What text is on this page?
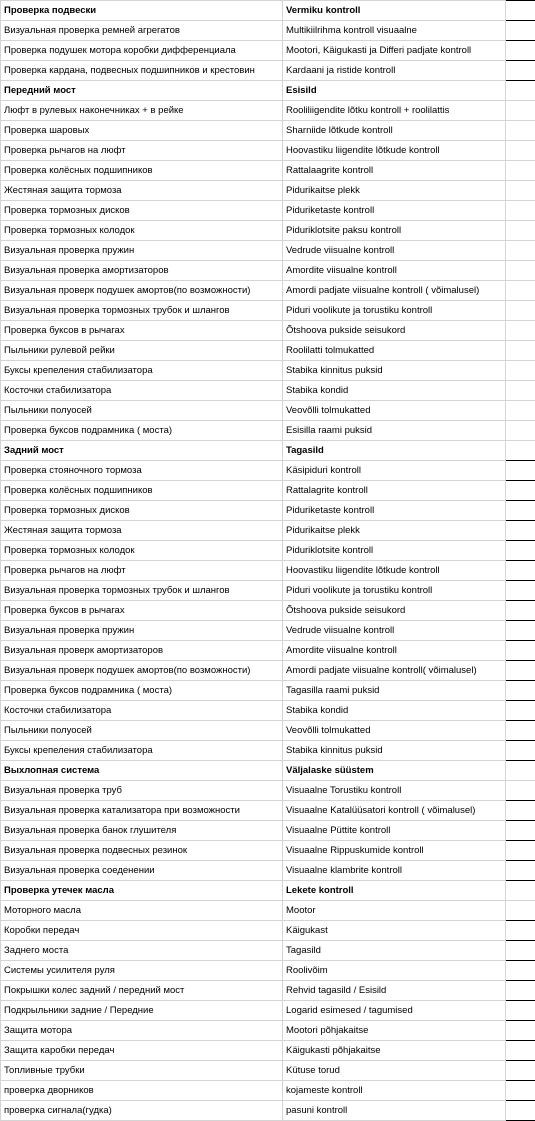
Проверка подвески	Vermiku kontroll	
Визуальная проверка ремней агрегатов	Multikiilrihma kontroll visuaalne	
Проверка подушек мотора коробки дифференциала	Mootori, Käigukasti ja Differi padjate kontroll	
Проверка кардана, подвесных подшипников и крестовин	Kardaani ja ristide kontroll	
Передний мост	Esisild	
Люфт в рулевых наконечниках + в рейке	Rooliliigendite lõtku kontroll + roolilattis	
Проверка шаровых	Sharniide lõtkude kontroll	
Проверка рычагов на люфт	Hoovastiku liigendite lõtkude kontroll	
Проверка колёсных подшипников	Rattalaagrite kontroll	
Жестяная защита тормоза	Pidurikaitse plekk	
Проверка тормозных дисков	Piduriketaste kontroll	
Проверка тормозных колодок	Piduriklotsite paksu kontroll	
Визуальная проверка пружин	Vedrude viisualne kontroll	
Визуальная проверка амортизаторов	Amordite viisualne kontroll	
Визуальная проверк подушек амортов(по возможности)	Amordi padjate viisualne kontroll ( võimalusel)	
Визуальная проверка тормозных трубок и шлангов	Piduri voolikute ja torustiku kontroll	
Проверка буксов в рычагах	Õtshoova pukside seisukord	
Пыльники рулевой рейки	Roolilatti tolmukatted	
Буксы крепеления стабилизатора	Stabika kinnitus puksid	
Косточки стабилизатора	Stabika kondid	
Пыльники полуосей	Veovõlli tolmukatted	
Проверка буксов подрамника ( моста)	Esisilla raami puksid	
Задний мост	Tagasild	
Проверка стояночного тормоза	Käsipiduri kontroll	
Проверка колёсных подшипников	Rattalagrite kontroll	
Проверка тормозных дисков	Piduriketaste kontroll	
Жестяная защита тормоза	Pidurikaitse plekk	
Проверка тормозных колодок	Piduriklotsite kontroll	
Проверка рычагов на люфт	Hoovastiku liigendite lõtkude kontroll	
Визуальная проверка тормозных трубок и шлангов	Piduri voolikute ja torustiku kontroll	
Проверка буксов в рычагах	Õtshoova pukside seisukord	
Визуальная проверка пружин	Vedrude viisualne kontroll	
Визуальная проверк амортизаторов	Amordite viisualne kontroll	
Визуальная проверк подушек амортов(по возможности)	Amordi padjate viisualne kontroll( võimalusel)	
Проверка буксов подрамника ( моста)	Tagasilla raami puksid	
Косточки стабилизатора	Stabika kondid	
Пыльники полуосей	Veovõlli tolmukatted	
Буксы крепеления стабилизатора	Stabika kinnitus puksid	
Выхлопная система	Väljalaske süüstem	
Визуальная проверка труб	Visuaalne Torustiku kontroll	
Визуальная проверка катализатора при возможности	Visuaalne Katalüüsatori kontroll ( võimalusel)	
Визуальная проверка банок глушителя	Visuaalne Püttite kontroll	
Визуальная проверка подвесных резинок	Visuaalne Rippuskumide kontroll	
Визуальная проверка соеденении	Visuaalne klambrite kontroll	
Проверка утечек масла	Lekete kontroll	
Моторного масла	Mootor	
Коробки передач	Käigukast	
Заднего моста	Tagasild	
Системы усилителя руля	Roolivõim	
Покрышки колес задний / передний мост	Rehvid tagasild / Esisild	
Подкрыльники задние / Передние	Logarid esimesed / tagumised	
Защита мотора	Mootori põhjakaitse	
Защита каробки передач	Käigukasti põhjakaitse	
Топливные трубки	Kütuse torud	
проверка дворников	kojameste kontroll	
проверка сигнала(гудка)	pasuni kontroll	
